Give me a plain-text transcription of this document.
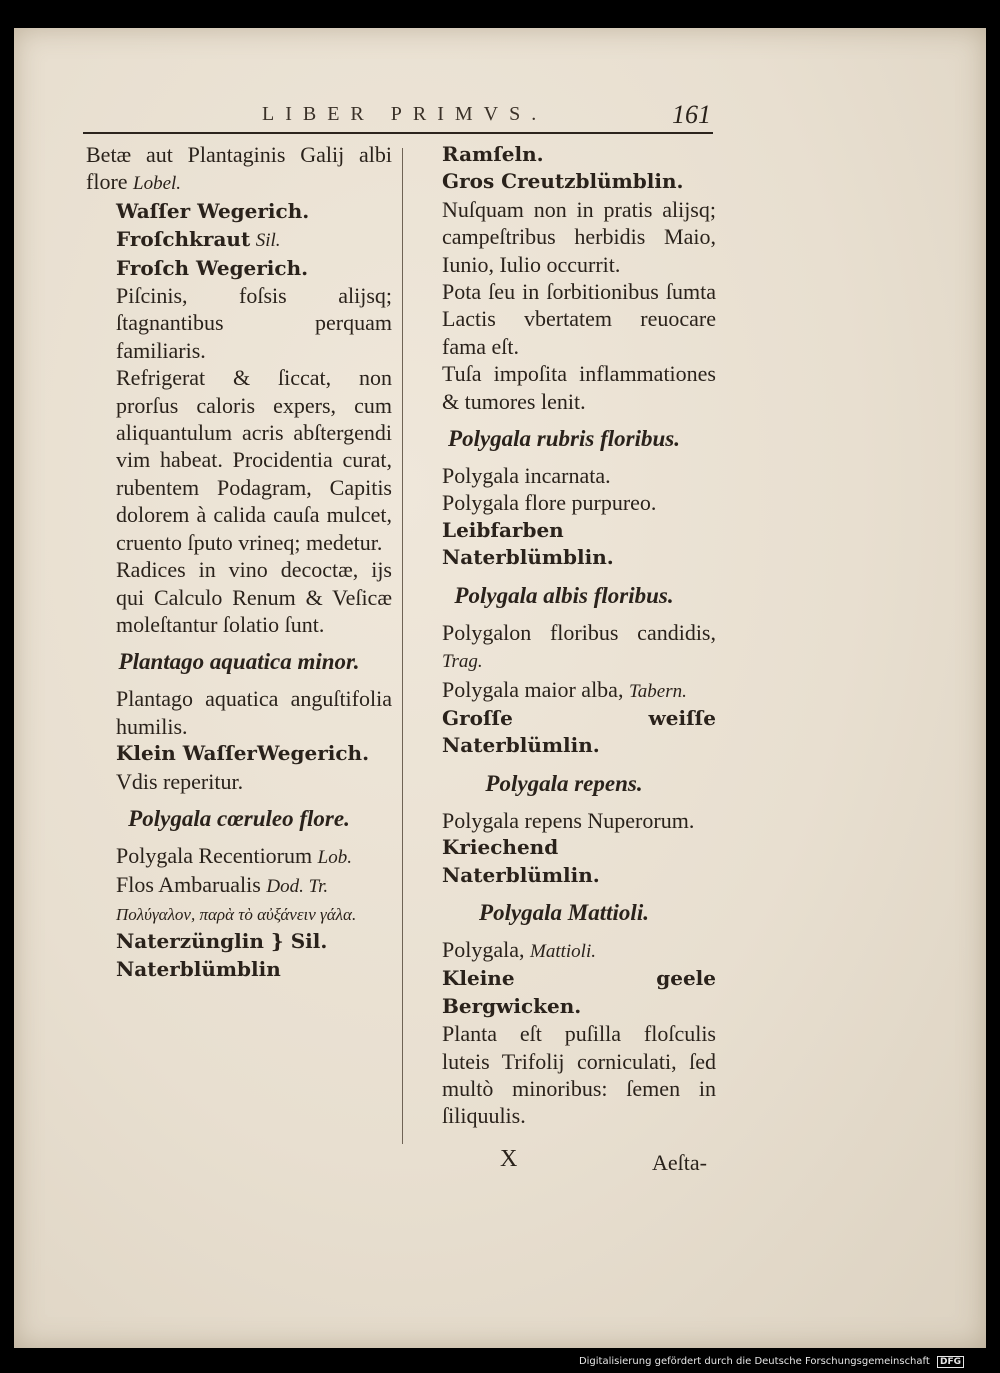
LIBER PRIMVS.	161
Betæ aut Plantaginis Galij albi flore Lobel.
Waſſer Wegerich.
Froſchkraut Sil.
Froſch Wegerich.
Piſcinis, foſsis alijsq; ſtagnantibus perquam familiaris.
Refrigerat & ſiccat, non prorſus caloris expers, cum aliquantulum acris abſtergendi vim habeat. Procidentia curat, rubentem Podagram, Capitis dolorem à calida cauſa mulcet, cruento ſputo vrineq; medetur.
Radices in vino decoctæ, ijs qui Calculo Renum & Veſicæ moleſtantur ſolatio ſunt.
Plantago aquatica minor.
Plantago aquatica anguſtifolia humilis.
Klein WaſſerWegerich.
Vdis reperitur.
Polygala cœruleo flore.
Polygala Recentiorum Lob.
Flos Ambarualis Dod. Tr.
Πολύγαλον, παρὰ τὸ αὐξάνειν γάλα.
Naterzünglin } Sil.
Naterblümblin
Ramſeln.
Gros Creutzblümblin.
Nuſquam non in pratis alijsq; campeſtribus herbidis Maio, Iunio, Iulio occurrit.
Pota ſeu in ſorbitionibus ſumta Lactis vbertatem reuocare fama eſt.
Tuſa impoſita inflammationes & tumores lenit.
Polygala rubris floribus.
Polygala incarnata.
Polygala flore purpureo.
Leibfarben Naterblümblin.
Polygala albis floribus.
Polygalon floribus candidis, Trag.
Polygala maior alba, Tabern.
Groſſe weiſſe Naterblümlin.
Polygala repens.
Polygala repens Nuperorum.
Kriechend Naterblümlin.
Polygala Mattioli.
Polygala, Mattioli.
Kleine geele Bergwicken.
Planta eſt puſilla floſculis luteis Trifolij corniculati, ſed multò minoribus: ſemen in ſiliquulis.
X	Aeſta-
Digitalisierung gefördert durch die Deutsche Forschungsgemeinschaft DFG
